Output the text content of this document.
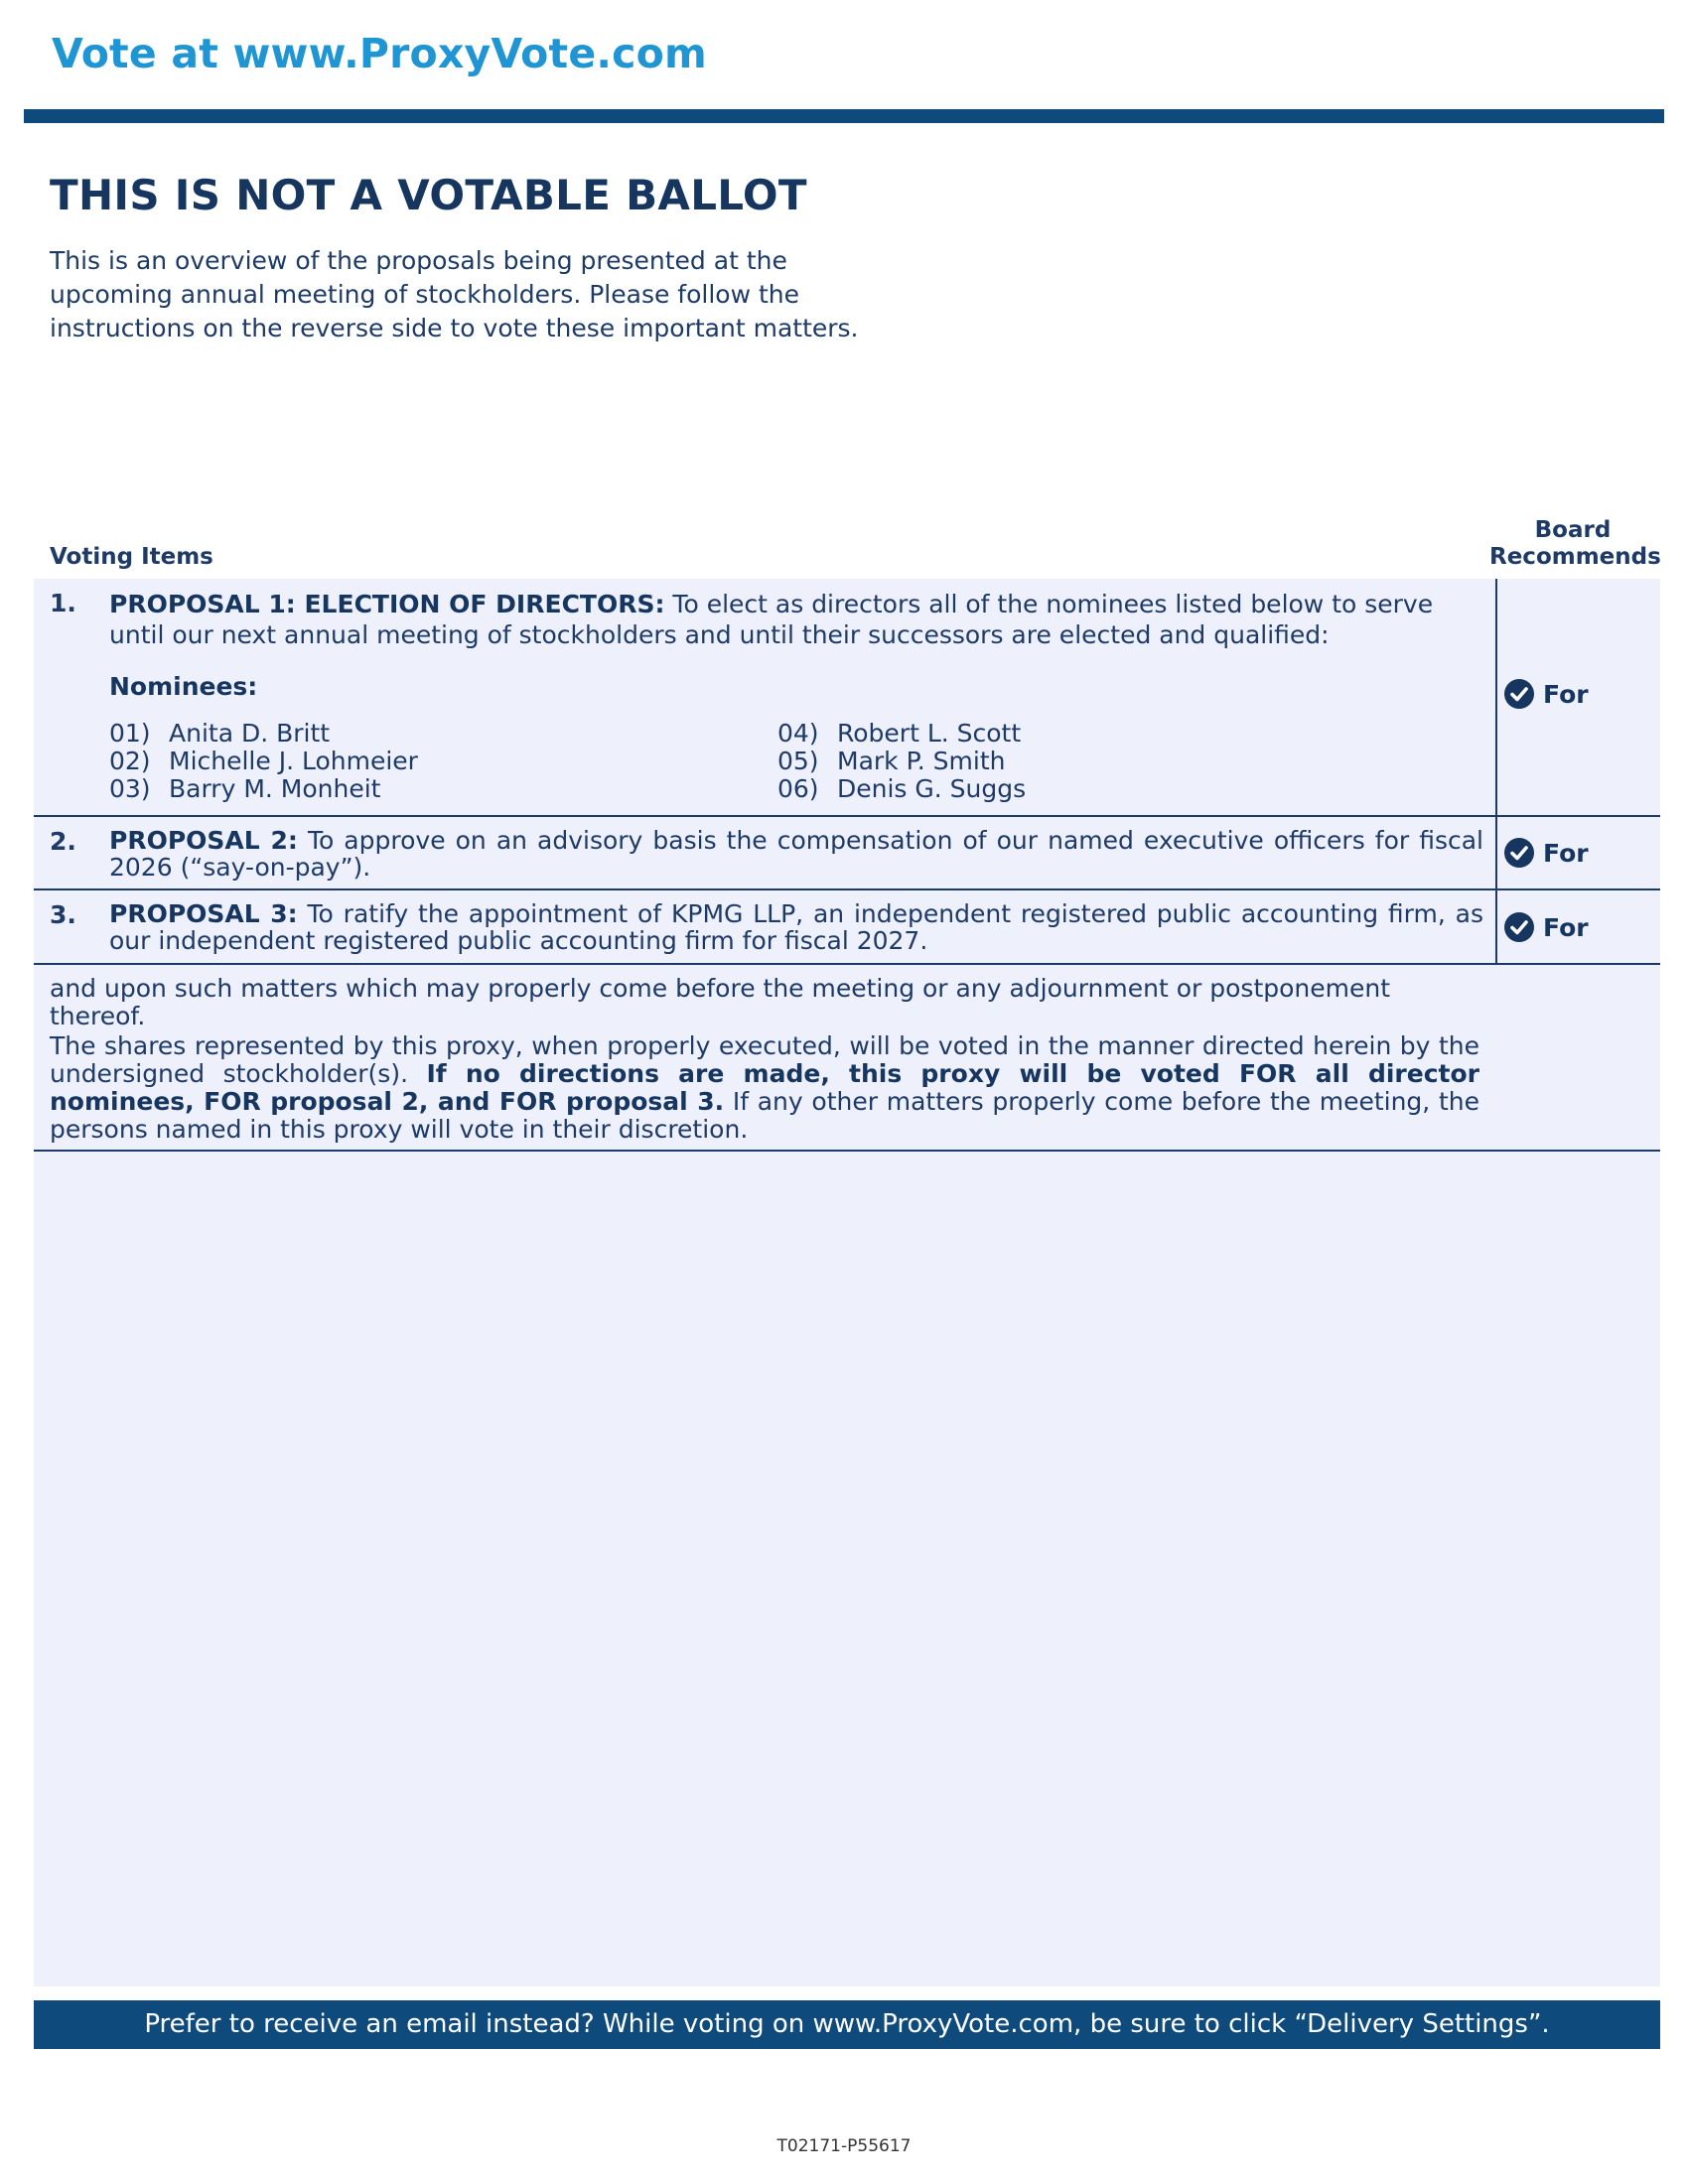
Vote at www.ProxyVote.com
THIS IS NOT A VOTABLE BALLOT
This is an overview of the proposals being presented at the
upcoming annual meeting of stockholders. Please follow the
instructions on the reverse side to vote these important matters.
Voting Items
Board
Recommends
1. PROPOSAL 1: ELECTION OF DIRECTORS: To elect as directors all of the nominees listed below to serve until our next annual meeting of stockholders and until their successors are elected and qualified:
Nominees:
01) Anita D. Britt
02) Michelle J. Lohmeier
03) Barry M. Monheit
04) Robert L. Scott
05) Mark P. Smith
06) Denis G. Suggs
For
2. PROPOSAL 2: To approve on an advisory basis the compensation of our named executive officers for fiscal 2026 (“say-on-pay”).	For
3. PROPOSAL 3: To ratify the appointment of KPMG LLP, an independent registered public accounting firm, as our independent registered public accounting firm for fiscal 2027.	For
and upon such matters which may properly come before the meeting or any adjournment or postponement thereof.
The shares represented by this proxy, when properly executed, will be voted in the manner directed herein by the undersigned stockholder(s). If no directions are made, this proxy will be voted FOR all director nominees, FOR proposal 2, and FOR proposal 3. If any other matters properly come before the meeting, the persons named in this proxy will vote in their discretion.
Prefer to receive an email instead? While voting on www.ProxyVote.com, be sure to click “Delivery Settings”.
T02171-P55617
